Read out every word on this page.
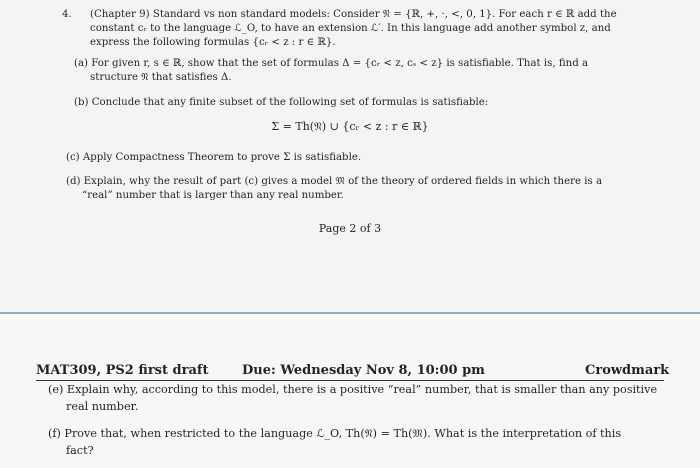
4. (Chapter 9) Standard vs non standard models: Consider 𝔑 = {ℝ, +, ·, <, 0, 1}. For each r ∈ ℝ add the
constant cᵣ to the language ℒ_O, to have an extension ℒ′. In this language add another symbol z, and
express the following formulas {cᵣ < z : r ∈ ℝ}.
(a) For given r, s ∈ ℝ, show that the set of formulas Δ = {cᵣ < z, cₛ < z} is satisfiable. That is, find a
structure 𝔑 that satisfies Δ.
(b) Conclude that any finite subset of the following set of formulas is satisfiable:
Σ = Th(𝔑) ∪ {cᵣ < z : r ∈ ℝ}
(c) Apply Compactness Theorem to prove Σ is satisfiable.
(d) Explain, why the result of part (c) gives a model 𝔐 of the theory of ordered fields in which there is a
“real” number that is larger than any real number.
Page 2 of 3
MAT309, PS2 first draft	Due: Wednesday Nov 8, 10:00 pm	Crowdmark
(e) Explain why, according to this model, there is a positive “real” number, that is smaller than any positive
real number.
(f) Prove that, when restricted to the language ℒ_O, Th(𝔑) = Th(𝔐). What is the interpretation of this
fact?
